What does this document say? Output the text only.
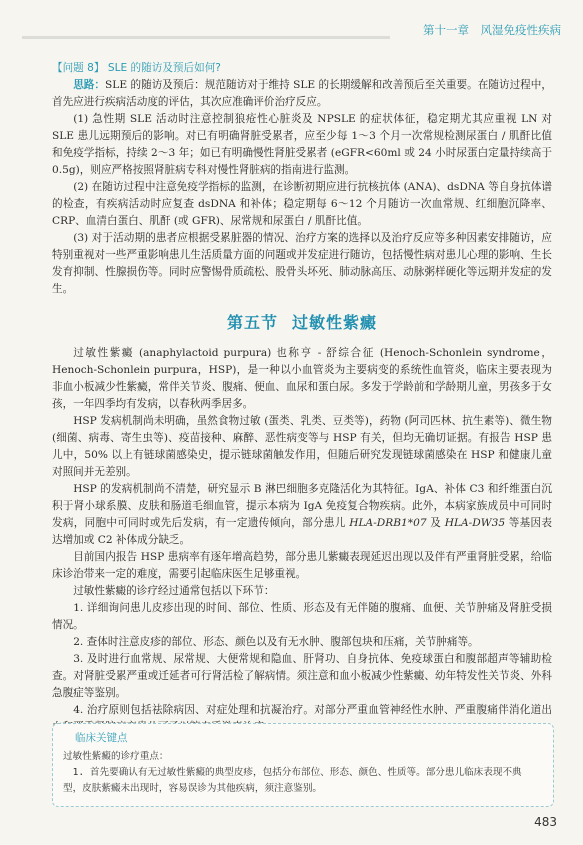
第十一章　风湿免疫性疾病

【问题 8】 SLE 的随访及预后如何?

思路：SLE 的随访及预后：规范随访对于维持 SLE 的长期缓解和改善预后至关重要。在随访过程中，首先应进行疾病活动度的评估，其次应准确评价治疗反应。

(1) 急性期 SLE 活动时注意控制狼疮性心脏炎及 NPSLE 的症状体征，稳定期尤其应重视 LN 对 SLE 患儿远期预后的影响。对已有明确肾脏受累者，应至少每 1～3 个月一次常规检测尿蛋白 / 肌酐比值和免疫学指标，持续 2～3 年；如已有明确慢性肾脏受累者 (eGFR<60ml 或 24 小时尿蛋白定量持续高于 0.5g)，则应严格按照肾脏病专科对慢性肾脏病的指南进行监测。

(2) 在随访过程中注意免疫学指标的监测，在诊断初期应进行抗核抗体 (ANA)、dsDNA 等自身抗体谱的检查，有疾病活动时应复查 dsDNA 和补体；稳定期每 6～12 个月随访一次血常规、红细胞沉降率、CRP、血清白蛋白、肌酐 (或 GFR)、尿常规和尿蛋白 / 肌酐比值。

(3) 对于活动期的患者应根据受累脏器的情况、治疗方案的选择以及治疗反应等多种因素安排随访，应特别重视对一些严重影响患儿生活质量方面的问题或并发症进行随访，包括慢性病对患儿心理的影响、生长发育抑制、性腺损伤等。同时应警惕骨质疏松、股骨头坏死、肺动脉高压、动脉粥样硬化等远期并发症的发生。

第五节 过敏性紫癜

过敏性紫癜 (anaphylactoid purpura) 也称亨 - 舒综合征 (Henoch-Schonlein syndrome，Henoch-Schonlein purpura，HSP)，是一种以小血管炎为主要病变的系统性血管炎，临床主要表现为非血小板减少性紫癜，常伴关节炎、腹痛、便血、血尿和蛋白尿。多发于学龄前和学龄期儿童，男孩多于女孩，一年四季均有发病，以春秋两季居多。

HSP 发病机制尚未明确，虽然食物过敏 (蛋类、乳类、豆类等)，药物 (阿司匹林、抗生素等)、微生物 (细菌、病毒、寄生虫等)、疫苗接种、麻醉、恶性病变等与 HSP 有关，但均无确切证据。有报告 HSP 患儿中，50% 以上有链球菌感染史，提示链球菌触发作用，但随后研究发现链球菌感染在 HSP 和健康儿童对照间并无差别。

HSP 的发病机制尚不清楚，研究显示 B 淋巴细胞多克隆活化为其特征。IgA、补体 C3 和纤维蛋白沉积于肾小球系膜、皮肤和肠道毛细血管，提示本病为 IgA 免疫复合物疾病。此外，本病家族成员中可同时发病，同胞中可同时或先后发病，有一定遗传倾向，部分患儿 HLA-DRB1*07 及 HLA-DW35 等基因表达增加或 C2 补体成分缺乏。

目前国内报告 HSP 患病率有逐年增高趋势，部分患儿紫癜表现延迟出现以及伴有严重肾脏受累，给临床诊治带来一定的难度，需要引起临床医生足够重视。

过敏性紫癜的诊疗经过通常包括以下环节：

1. 详细询问患儿皮疹出现的时间、部位、性质、形态及有无伴随的腹痛、血便、关节肿痛及肾脏受损情况。

2. 查体时注意皮疹的部位、形态、颜色以及有无水肿、腹部包块和压痛，关节肿痛等。

3. 及时进行血常规、尿常规、大便常规和隐血、肝肾功、自身抗体、免疫球蛋白和腹部超声等辅助检查。对肾脏受累严重或迁延者可行肾活检了解病情。须注意和血小板减少性紫癜、幼年特发性关节炎、外科急腹症等鉴别。

4. 治疗原则包括祛除病因、对症处理和抗凝治疗。对部分严重血管神经性水肿、严重腹痛伴消化道出

临床关键点
过敏性紫癜的诊疗重点：
1. 首先要确认有无过敏性紫癜的典型皮疹，包括分布部位、形态、颜色、性质等。部分患儿临床表现不典型，皮肤紫癜未出现时，容易误诊为其他疾病，须注意鉴别。
483
